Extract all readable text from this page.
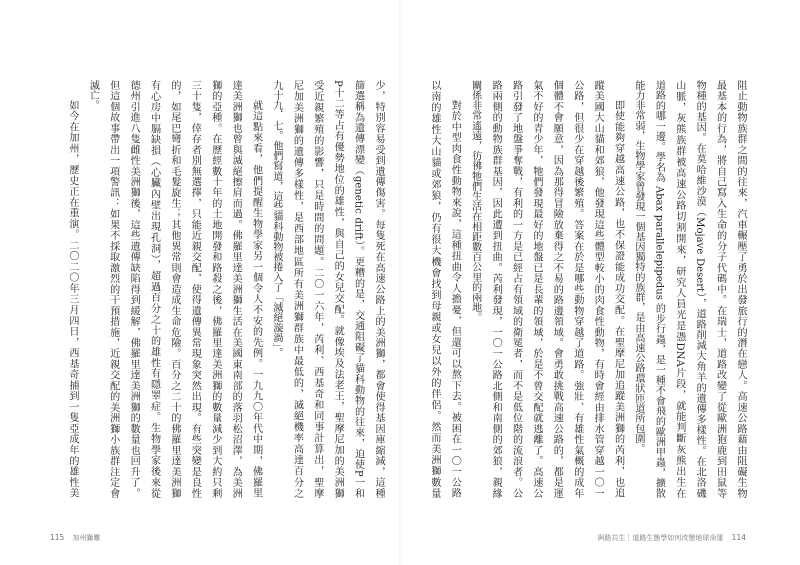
少，特別容易受到遺傳傷害。每隻死在高速公路上的美洲獅，都會使得基因庫縮減，這種
篩選稱為遺傳漂變（genetic drift）。更糟的是，交通阻礙了貓科動物的往來，迫使P一和
P十二等占有優勢地位的雄性，與自己的女兒交配。就像埃及法老王，聖摩尼加的美洲獅
受近親繁殖的影響，只是時間的問題。二〇一六年，芮利、西基奇和同事計算出，聖摩
尼加美洲獅的遺傳多樣性，是西部地區所有美洲獅群族中最低的，滅絕機率高達百分之
九十九．七。他們寫道，這些貓科動物被捲入了「滅絕漩渦」。
就這點來看，他們提醒生物學家另一個令人不安的先例。一九九〇年代中期，佛羅里
達美洲獅也曾與滅絕擦肩而過。佛羅里達美洲獅生活在美國東南部的落羽松沼澤，為美洲
獅的亞種。在歷經數十年的土地開發和路殺之後，佛羅里達美洲獅的數量減少到大約只剩
三十隻，倖存者別無選擇，只能近親交配，使得遺傳異常現象突然出現。有些突變是良性
的，如尾巴彎折和毛髮旋生；其他異常則會造成生命危險。百分之二十的佛羅里達美洲獅
有心房中膈缺損（心臟內壁出現孔洞），超過百分之十的雄性有隱睪症。生物學家後來從
德州引進八隻雌性美洲獅後，這些遺傳缺陷得到緩解，佛羅里達美洲獅的數量也回升了。
但這個故事帶出一項警訊：如果不採取激烈的干預措施，近親交配的美洲獅小族群注定會
滅亡。
如今在加州，歷史正在重演。二〇二〇年三月四日，西基奇捕到一隻亞成年的雄性美	阻止動物族群之間的往來，汽車輾壓了勇於出發旅行的潛在戀人。高速公路藉由阻礙生物
最基本的行為，將自己寫入生命的分子代碼中。在瑞士，道路改變了從歐洲狍鹿到田鼠等
物種的基因。在莫哈維沙漠（Mojave Desert），道路削減大角羊的遺傳多樣性。在北洛磯
山脈，灰熊族群被高速公路切割開來，研究人員光是憑DNA片段，就能判斷灰熊出生在
道路的哪一邊。學名為 Abax parallelepipedus 的步行蟲，是一種不會飛的歐洲甲蟲，擴散
能力非常弱，生物學家曾發現一個基因獨特的族群，是由高速公路環狀匝道所包圍。
即使能夠穿越高速公路，也不保證能成功交配。在聖摩尼加追蹤美洲獅的芮利，也追
蹤美國大山貓和郊狼，他發現這些體型較小的肉食性動物，有時會經由排水管穿越一〇一
公路，但很少在穿越後繁殖。答案在於是哪些動物穿越了道路。強壯、有雄性氣概的成年
個體不會願意，因為那得冒險放棄得之不易的路邊領域。會勇敢挑戰高速公路的，都是運
氣不好的青少年，牠們發現最好的地盤已是長輩的領域，於是不曾交配就逃離了。高速公
路引發了地盤爭奪戰，有利的一方是已經占有領域的衛冕者，而不是低位階的流浪者。公
路兩側的動物族群基因，因此遭到扭曲。芮利發現，一〇一公路北側和南側的郊狼，親緣
關係非常遙遠，彷彿牠們生活在相距數百公里的兩地。
對於中型肉食性動物來說，這種扭曲令人擔憂，但還可以熬下去。被困在一〇一公路
以南的雄性大山貓或郊狼，仍有很大機會找到母親或女兒以外的伴侶。然而美洲獅數量
115 加州獅難	與路共生｜道路生態學如何改變地球命運 114
